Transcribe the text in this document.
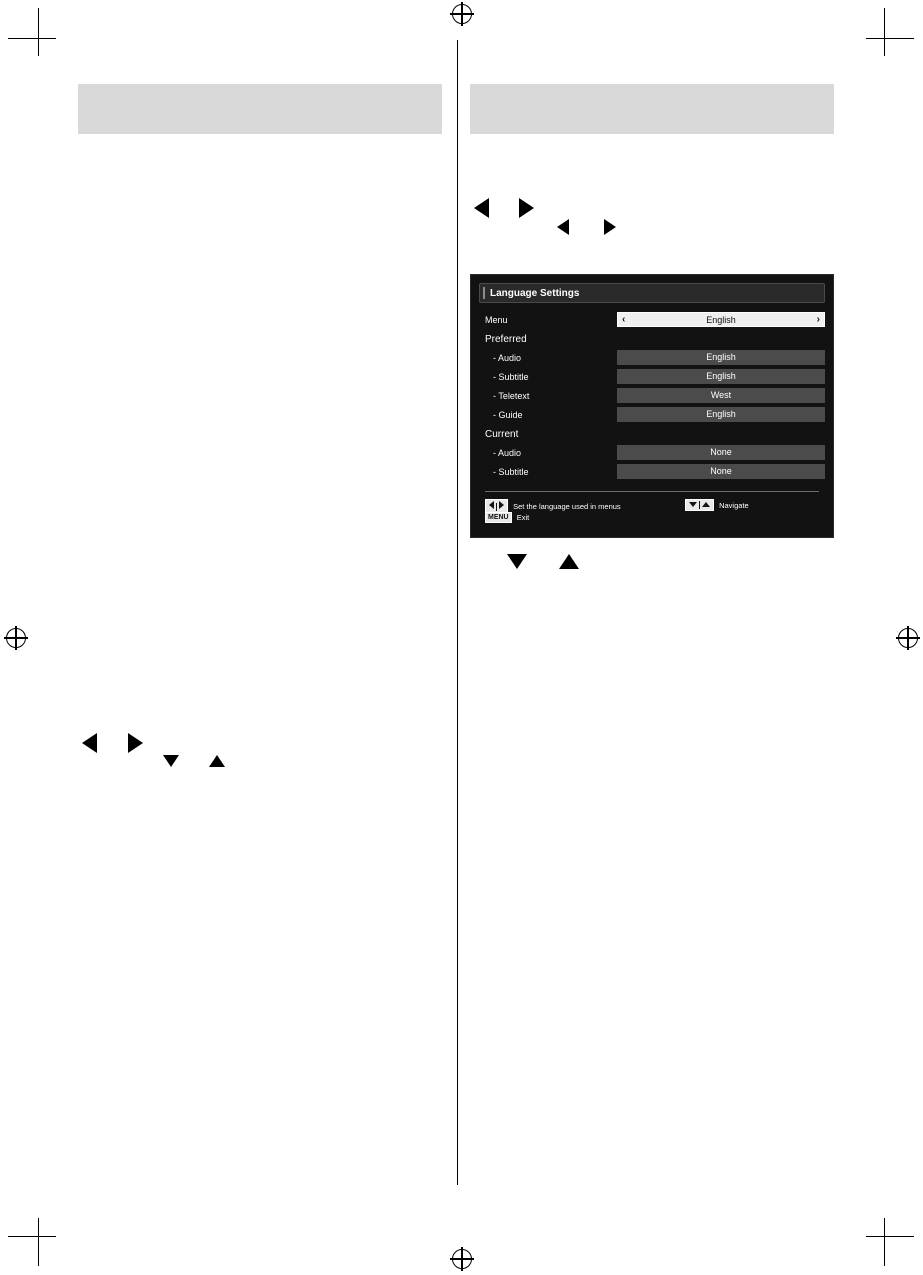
Language Settings
Menu	‹	English	›
Preferred
- Audio	English
- Subtitle	English
- Teletext	West
- Guide	English
Current
- Audio	None
- Subtitle	None
Set the language used in menus
MENU Exit
Navigate
